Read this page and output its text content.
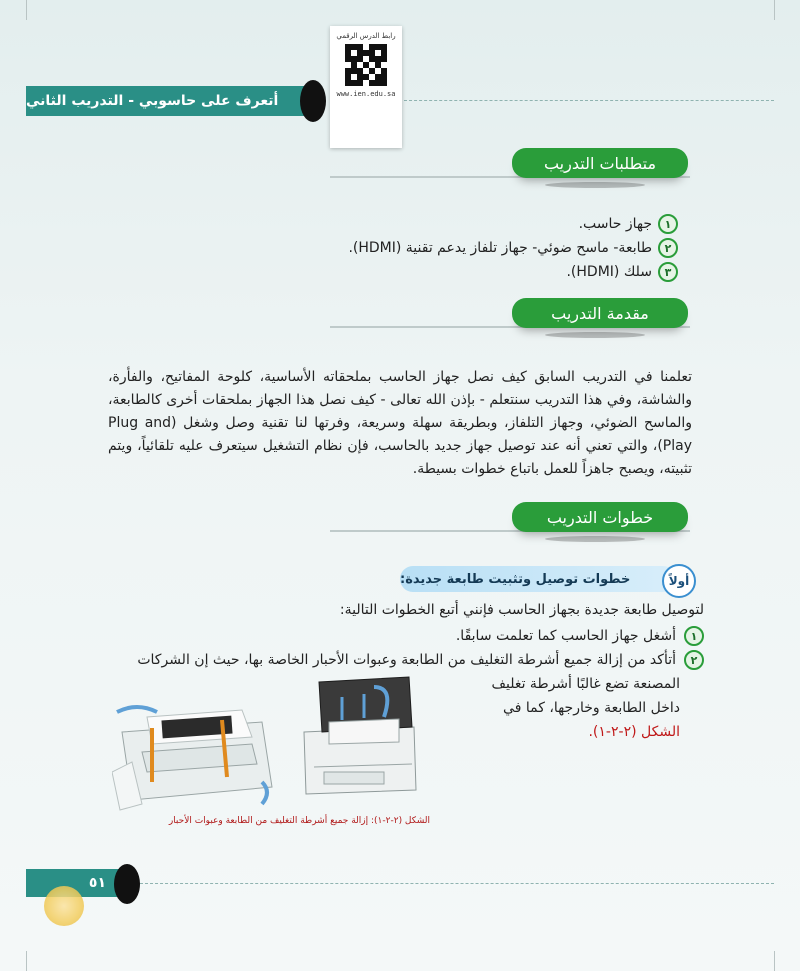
أتعرف على حاسوبي - التدريب الثاني
رابط الدرس الرقمي
www.ien.edu.sa
متطلبات التدريب
١
جهاز حاسب.
٢
طابعة- ماسح ضوئي- جهاز تلفاز يدعم تقنية (HDMI).
٣
سلك (HDMI).
مقدمة التدريب
تعلمنا في التدريب السابق كيف نصل جهاز الحاسب بملحقاته الأساسية، كلوحة المفاتيح، والفأرة، والشاشة، وفي هذا التدريب سنتعلم - بإذن الله تعالى - كيف نصل هذا الجهاز بملحقات أخرى كالطابعة، والماسح الضوئي، وجهاز التلفاز، وبطريقة سهلة وسريعة، وفرتها لنا تقنية وصل وشغل (Plug and Play)، والتي تعني أنه عند توصيل جهاز جديد بالحاسب، فإن نظام التشغيل سيتعرف عليه تلقائياً، ويتم تثبيته، ويصبح جاهزاً للعمل باتباع خطوات بسيطة.
خطوات التدريب
خطوات توصيل وتثبيت طابعة جديدة:	أولاً
لتوصيل طابعة جديدة بجهاز الحاسب فإنني أتبع الخطوات التالية:
١
أشغل جهاز الحاسب كما تعلمت سابقًا.
٢
أتأكد من إزالة جميع أشرطة التغليف من الطابعة وعبوات الأحبار الخاصة بها، حيث إن الشركات
المصنعة تضع غالبًا أشرطة تغليف
داخل الطابعة وخارجها، كما في
الشكل (٢-٢-١).
الشكل (٢-٢-١): إزالة جميع أشرطة التغليف من الطابعة وعبوات الأحبار
٥١
